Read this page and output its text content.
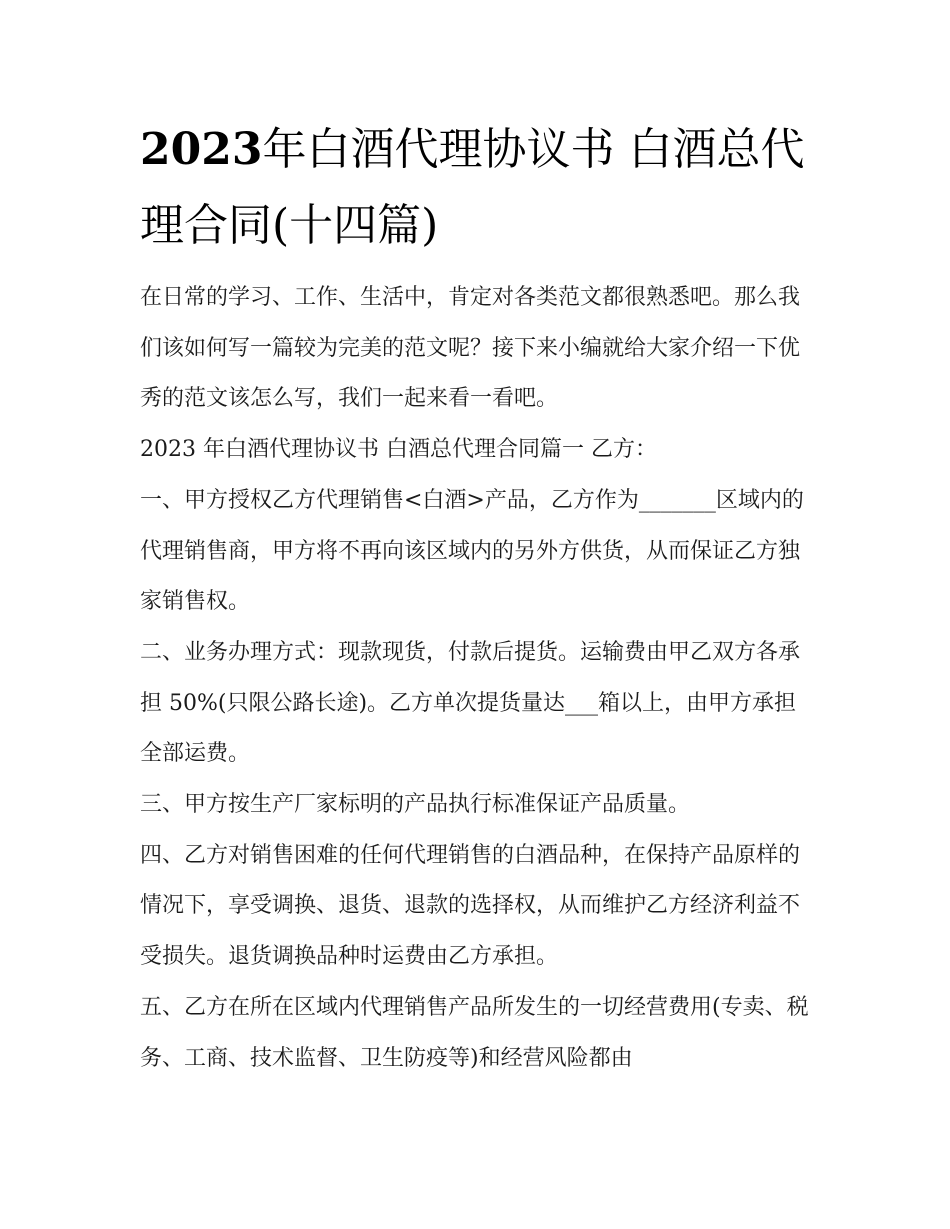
2023年白酒代理协议书 白酒总代理合同(十四篇)

在日常的学习、工作、生活中，肯定对各类范文都很熟悉吧。那么我们该如何写一篇较为完美的范文呢？接下来小编就给大家介绍一下优秀的范文该怎么写，我们一起来看一看吧。

2023 年白酒代理协议书 白酒总代理合同篇一 乙方：

一、甲方授权乙方代理销售<白酒>产品，乙方作为_______区域内的代理销售商，甲方将不再向该区域内的另外方供货，从而保证乙方独家销售权。

二、业务办理方式：现款现货，付款后提货。运输费由甲乙双方各承担 50%(只限公路长途)。乙方单次提货量达___箱以上，由甲方承担全部运费。

三、甲方按生产厂家标明的产品执行标准保证产品质量。

四、乙方对销售困难的任何代理销售的白酒品种，在保持产品原样的情况下，享受调换、退货、退款的选择权，从而维护乙方经济利益不受损失。退货调换品种时运费由乙方承担。

五、乙方在所在区域内代理销售产品所发生的一切经营费用(专卖、税务、工商、技术监督、卫生防疫等)和经营风险都由
